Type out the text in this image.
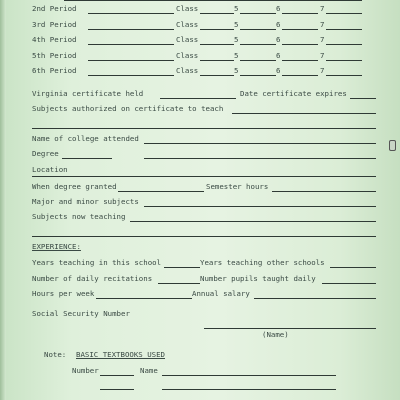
2nd Period	Class	5	6	7
3rd Period	Class	5	6	7
4th Period	Class	5	6	7
5th Period	Class	5	6	7
6th Period	Class	5	6	7
Virginia certificate held	Date certificate expires
Subjects authorized on certificate to teach
Name of college attended
Degree
Location
When degree granted	Semester hours
Major and minor subjects
Subjects now teaching
EXPERIENCE:
Years teaching in this school	Years teaching other schools
Number of daily recitations	Number pupils taught daily
Hours per week	Annual salary
Social Security Number
(Name)
Note: BASIC TEXTBOOKS USED
Number	Name
